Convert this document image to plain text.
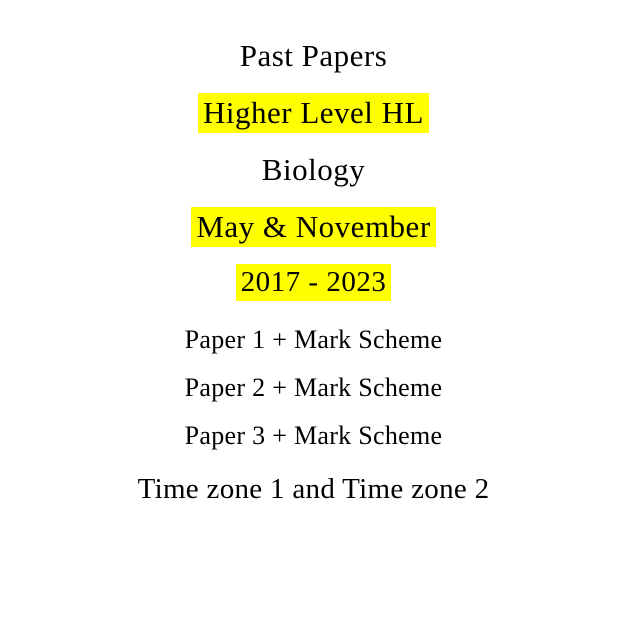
Past Papers
Higher Level HL
Biology
May & November
2017 - 2023
Paper 1 + Mark Scheme
Paper 2 + Mark Scheme
Paper 3 + Mark Scheme
Time zone 1 and Time zone 2
